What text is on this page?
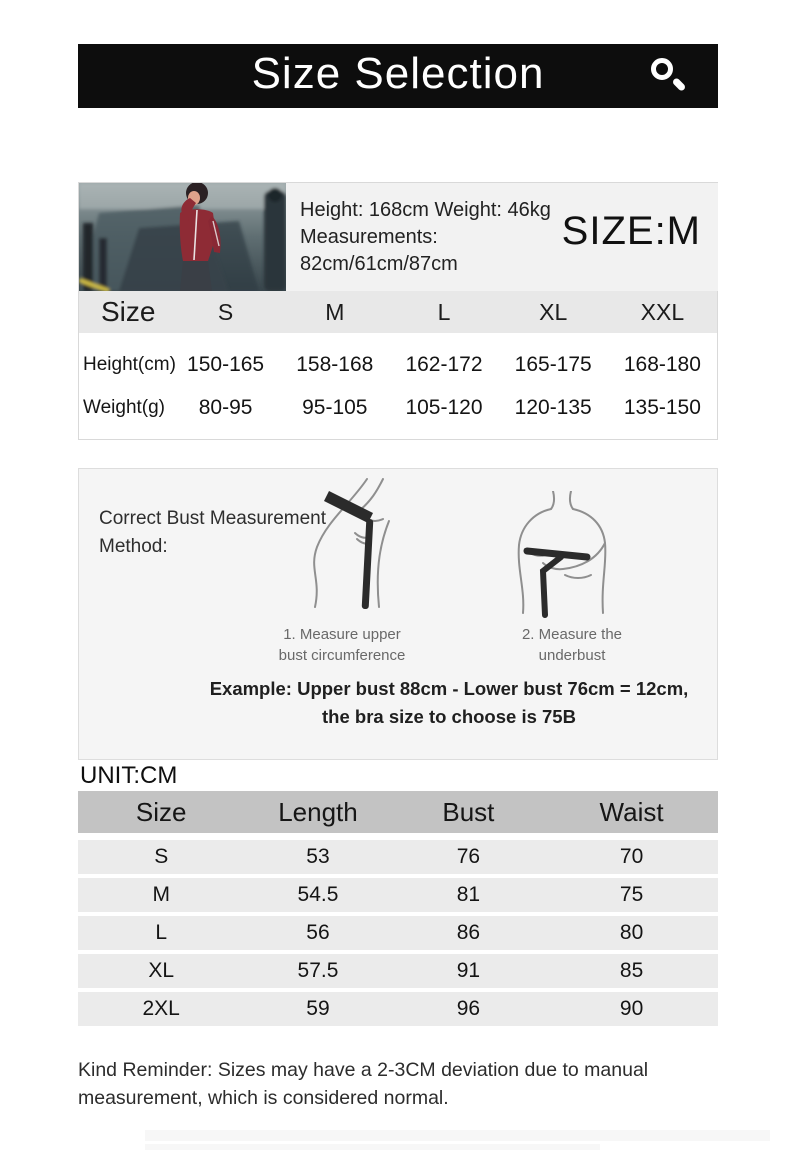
Size Selection
Height: 168cm Weight: 46kg
Measurements:
82cm/61cm/87cm
SIZE:M
Size	S	M	L	XL	XXL
Height(cm) 150-165	158-168	162-172	165-175	168-180
Weight(g)	80-95	95-105	105-120	120-135	135-150
Correct Bust Measurement
Method:
1. Measure upper
bust circumference
2. Measure the
underbust
Example: Upper bust 88cm - Lower bust 76cm = 12cm,
the bra size to choose is 75B
UNIT:CM
Size	Length	Bust	Waist
S	53	76	70
M	54.5	81	75
L	56	86	80
XL	57.5	91	85
2XL	59	96	90
Kind Reminder: Sizes may have a 2-3CM deviation due to manual measurement, which is considered normal.
